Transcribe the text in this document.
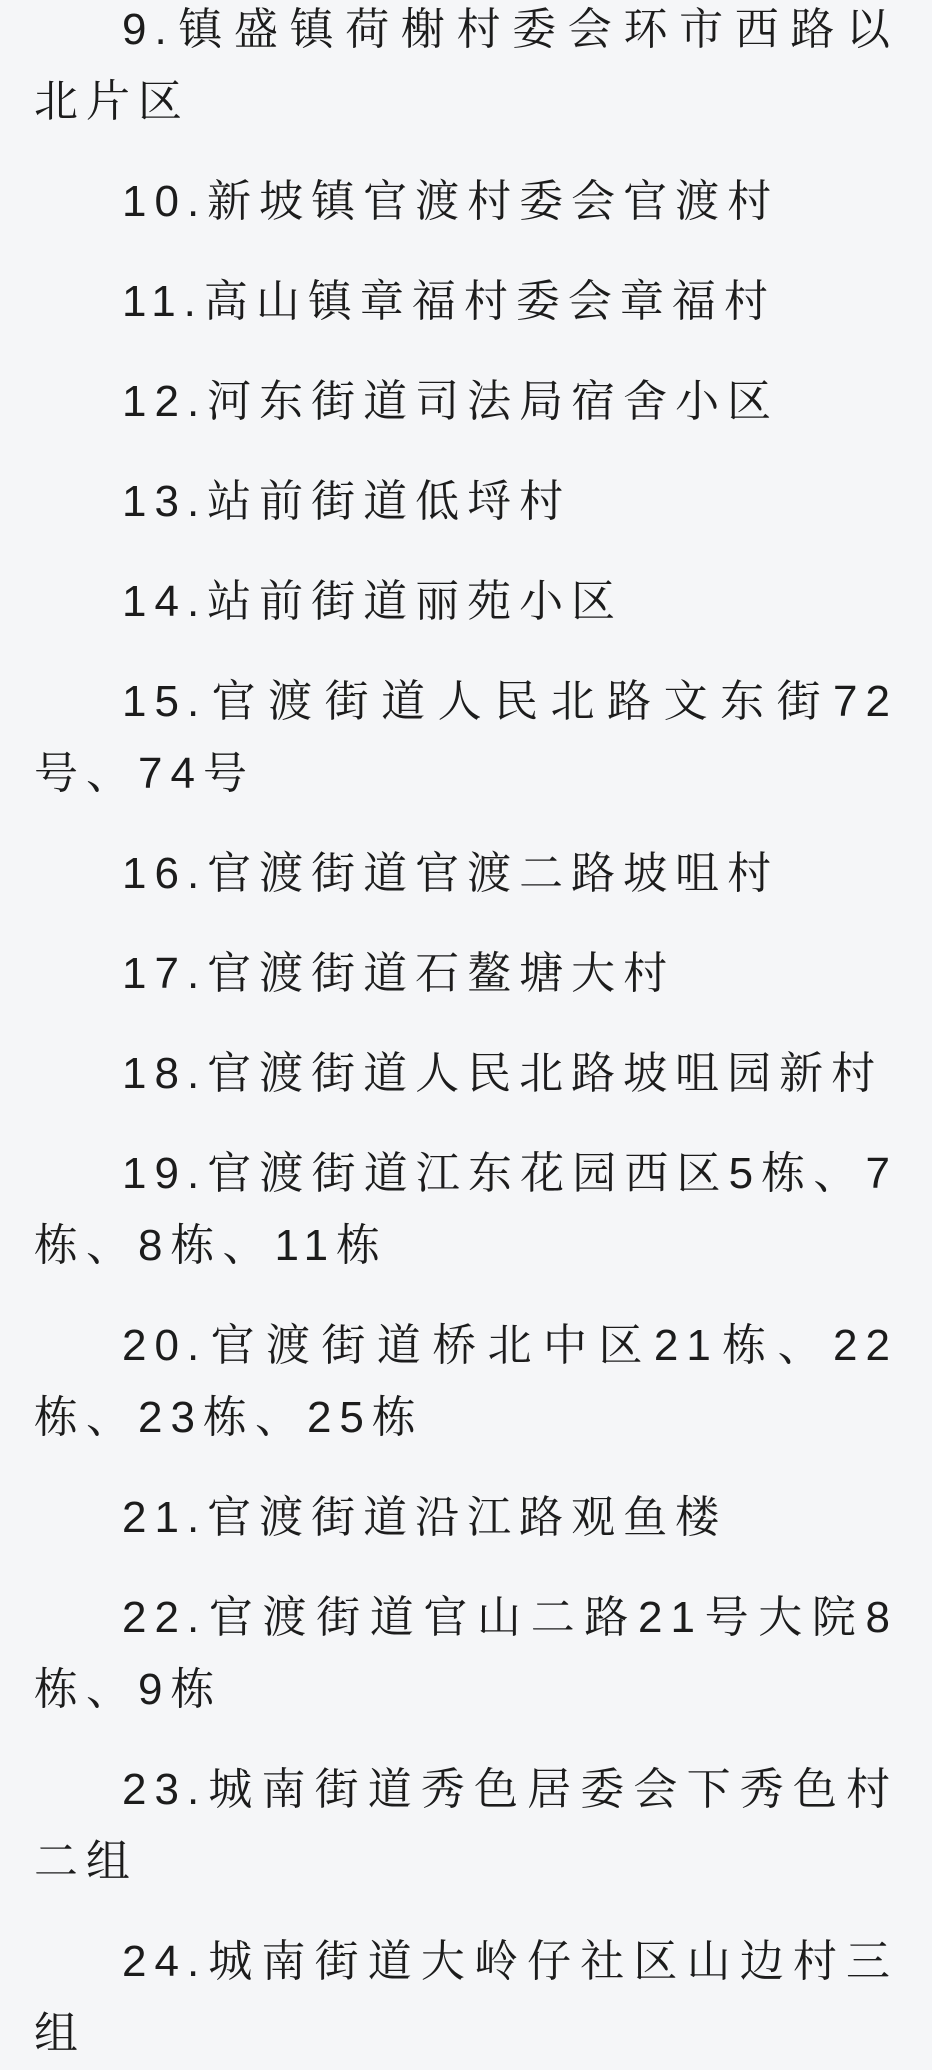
9.镇盛镇荷榭村委会环市西路以北片区

10.新坡镇官渡村委会官渡村

11.高山镇章福村委会章福村

12.河东街道司法局宿舍小区

13.站前街道低埒村

14.站前街道丽苑小区

15.官渡街道人民北路文东街72号、74号

16.官渡街道官渡二路坡咀村

17.官渡街道石鳌塘大村

18.官渡街道人民北路坡咀园新村

19.官渡街道江东花园西区5栋、7栋、8栋、11栋

20.官渡街道桥北中区21栋、22栋、23栋、25栋

21.官渡街道沿江路观鱼楼

22.官渡街道官山二路21号大院8栋、9栋

23.城南街道秀色居委会下秀色村二组

24.城南街道大岭仔社区山边村三组
